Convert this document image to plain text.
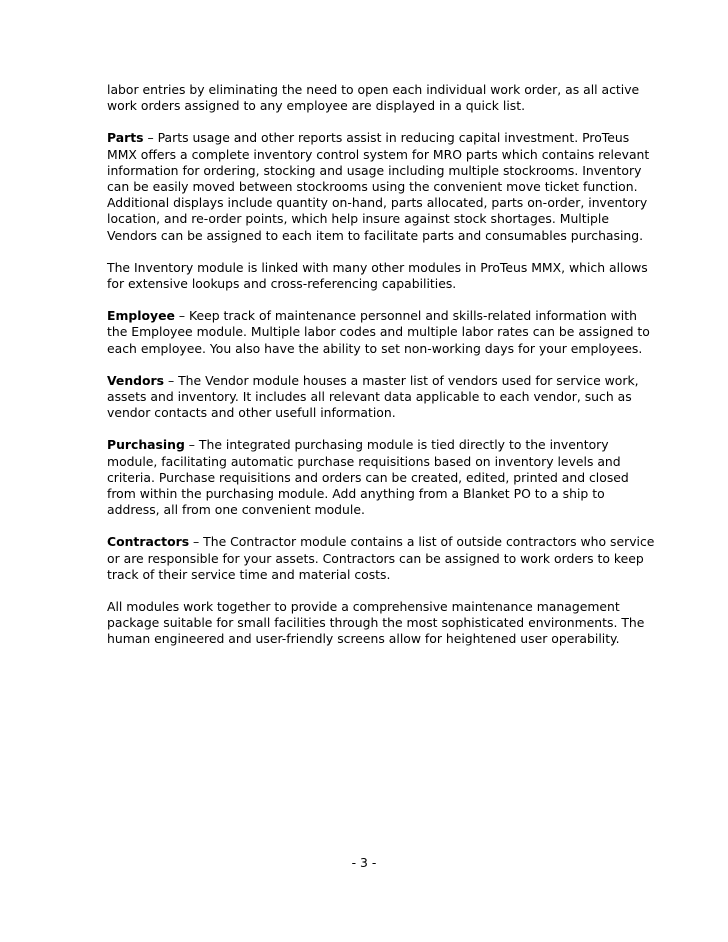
labor entries by eliminating the need to open each individual work order, as all active
work orders assigned to any employee are displayed in a quick list.

Parts – Parts usage and other reports assist in reducing capital investment. ProTeus
MMX offers a complete inventory control system for MRO parts which contains relevant
information for ordering, stocking and usage including multiple stockrooms. Inventory
can be easily moved between stockrooms using the convenient move ticket function.
Additional displays include quantity on-hand, parts allocated, parts on-order, inventory
location, and re-order points, which help insure against stock shortages. Multiple
Vendors can be assigned to each item to facilitate parts and consumables purchasing.

The Inventory module is linked with many other modules in ProTeus MMX, which allows
for extensive lookups and cross-referencing capabilities.

Employee – Keep track of maintenance personnel and skills-related information with
the Employee module. Multiple labor codes and multiple labor rates can be assigned to
each employee. You also have the ability to set non-working days for your employees.

Vendors – The Vendor module houses a master list of vendors used for service work,
assets and inventory. It includes all relevant data applicable to each vendor, such as
vendor contacts and other usefull information.

Purchasing – The integrated purchasing module is tied directly to the inventory
module, facilitating automatic purchase requisitions based on inventory levels and
criteria. Purchase requisitions and orders can be created, edited, printed and closed
from within the purchasing module. Add anything from a Blanket PO to a ship to
address, all from one convenient module.

Contractors – The Contractor module contains a list of outside contractors who service
or are responsible for your assets. Contractors can be assigned to work orders to keep
track of their service time and material costs.

All modules work together to provide a comprehensive maintenance management
package suitable for small facilities through the most sophisticated environments. The
human engineered and user-friendly screens allow for heightened user operability.

- 3 -
